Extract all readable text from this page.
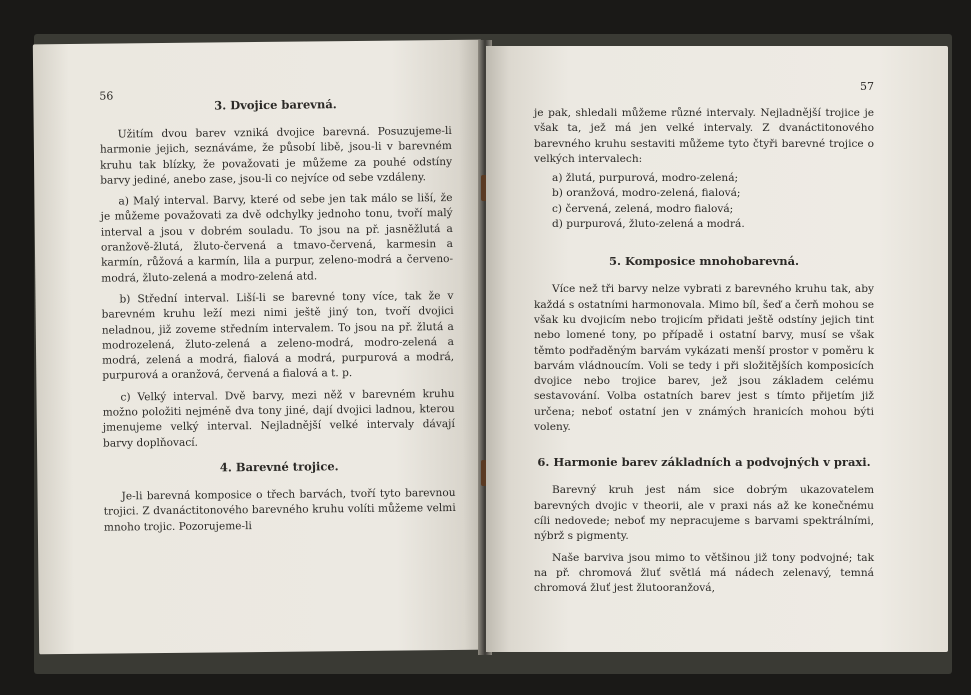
56
3. Dvojice barevná.

Užitím dvou barev vzniká dvojice barevná. Posuzujeme-li harmonie jejich, seznáváme, že působí libě, jsou-li v barevném kruhu tak blízky, že považovati je můžeme za pouhé odstíny barvy jediné, anebo zase, jsou-li co nejvíce od sebe vzdáleny.

a) Malý interval. Barvy, které od sebe jen tak málo se liší, že je můžeme považovati za dvě odchylky jednoho tonu, tvoří malý interval a jsou v dobrém souladu. To jsou na př. jasněžlutá a oranžově-žlutá, žluto-červená a tmavo-červená, karmesin a karmín, růžová a karmín, lila a purpur, zeleno-modrá a červeno-modrá, žluto-zelená a modro-zelená atd.

b) Střední interval. Liší-li se barevné tony více, tak že v barevném kruhu leží mezi nimi ještě jiný ton, tvoří dvojici neladnou, již zoveme středním intervalem. To jsou na př. žlutá a modrozelená, žluto-zelená a zeleno-modrá, modro-zelená a modrá, zelená a modrá, fialová a modrá, purpurová a modrá, purpurová a oranžová, červená a fialová a t. p.

c) Velký interval. Dvě barvy, mezi něž v barevném kruhu možno položiti nejméně dva tony jiné, dají dvojici ladnou, kterou jmenujeme velký interval. Nejladnější velké intervaly dávají barvy doplňovací.

4. Barevné trojice.

Je-li barevná komposice o třech barvách, tvoří tyto barevnou trojici. Z dvanáctitonového barevného kruhu volíti můžeme velmi mnoho trojic. Pozorujeme-li

57

je pak, shledali můžeme různé intervaly. Nejladnější trojice je však ta, jež má jen velké intervaly. Z dvanáctitonového barevného kruhu sestaviti můžeme tyto čtyři barevné trojice o velkých intervalech:

a) žlutá, purpurová, modro-zelená;
b) oranžová, modro-zelená, fialová;
c) červená, zelená, modro fialová;
d) purpurová, žluto-zelená a modrá.
5. Komposice mnohobarevná.

Více než tři barvy nelze vybrati z barevného kruhu tak, aby každá s ostatními harmonovala. Mimo bíl, šeď a čerň mohou se však ku dvojicím nebo trojicím přidati ještě odstíny jejich tint nebo lomené tony, po případě i ostatní barvy, musí se však těmto podřaděným barvám vykázati menší prostor v poměru k barvám vládnoucím. Voli se tedy i při složitějších komposicích dvojice nebo trojice barev, jež jsou základem celému sestavování. Volba ostatních barev jest s tímto přijetím již určena; neboť ostatní jen v známých hranicích mohou býti voleny.

6. Harmonie barev základních a podvojných v praxi.

Barevný kruh jest nám sice dobrým ukazovatelem barevných dvojic v theorii, ale v praxi nás až ke konečnému cíli nedovede; neboť my nepracujeme s barvami spektrálními, nýbrž s pigmenty.

Naše barviva jsou mimo to většinou již tony podvojné; tak na př. chromová žluť světlá má nádech zelenavý, temná chromová žluť jest žlutooranžová,
